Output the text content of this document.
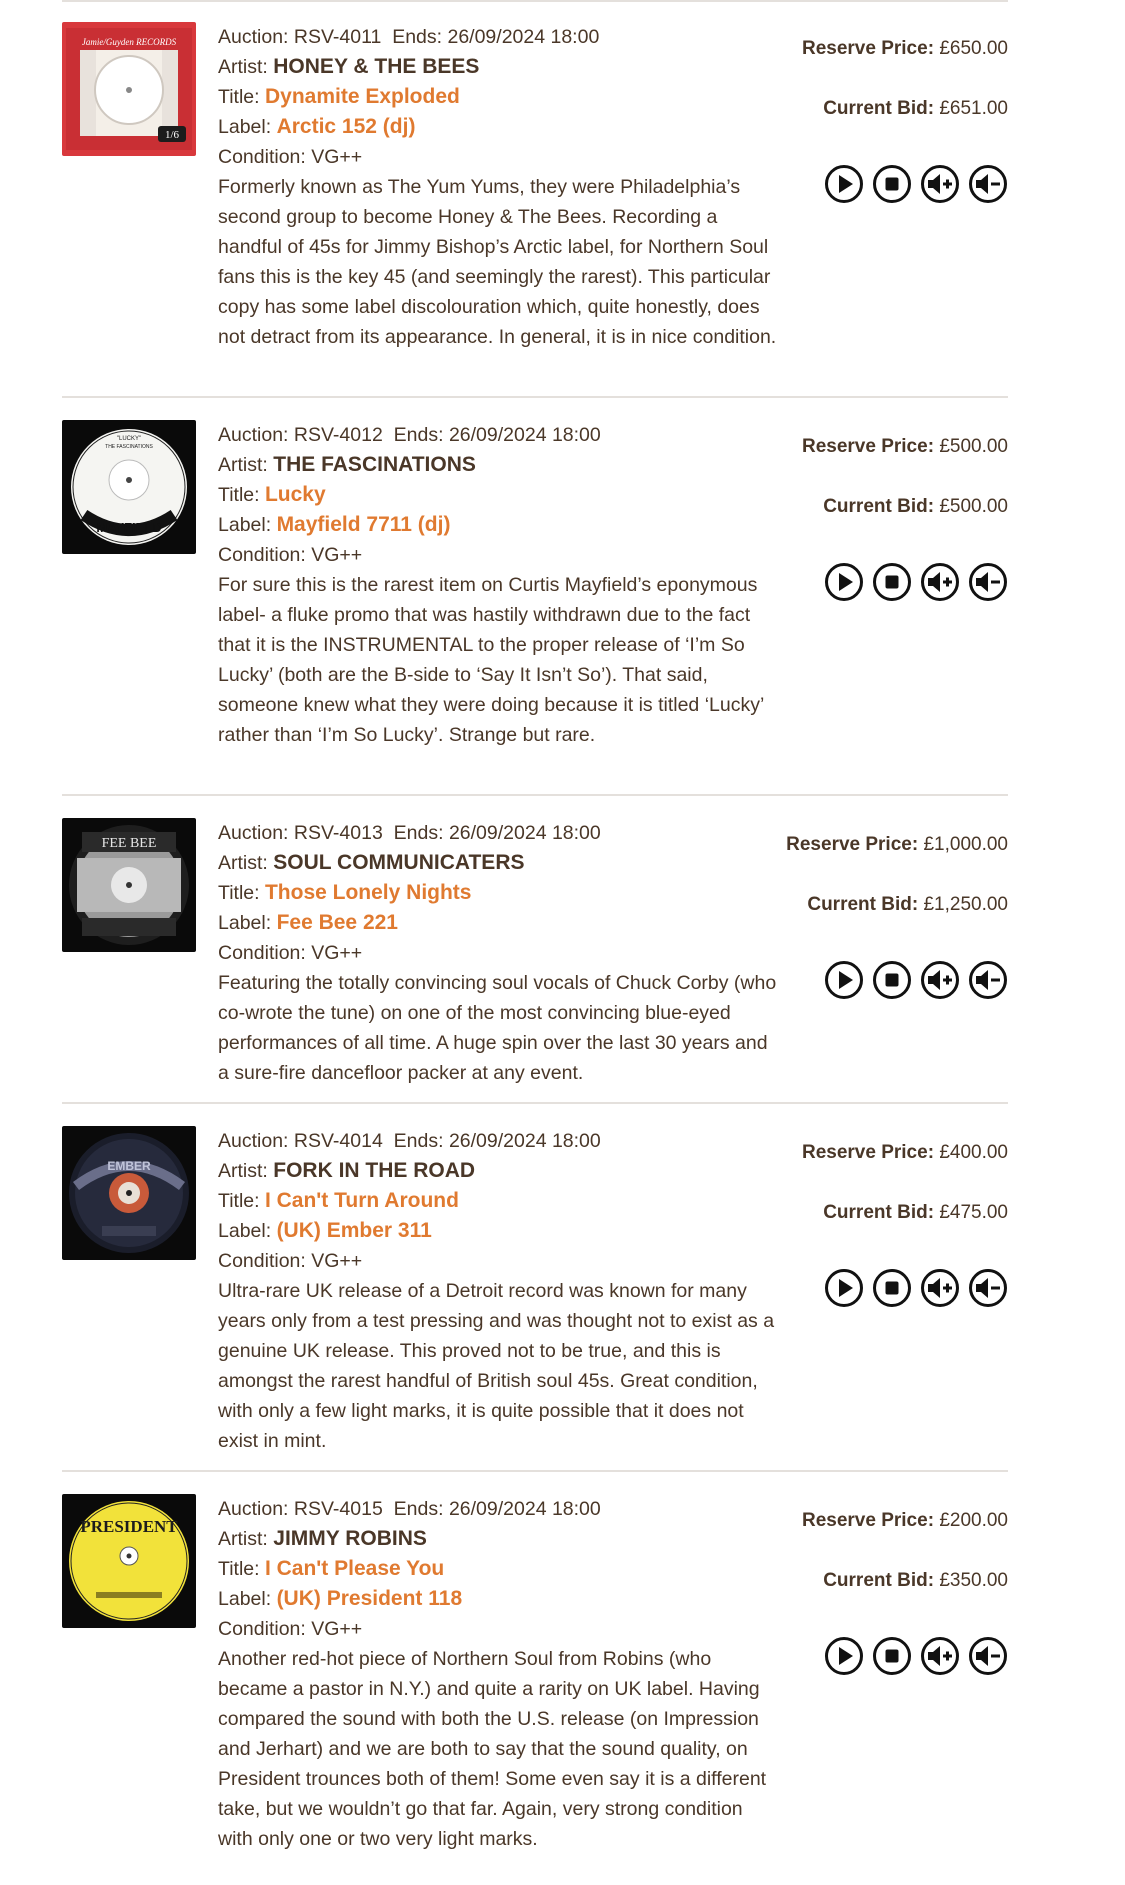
Jamie/Guyden RECORDS
1/6
Auction: RSV-4011 Ends: 26/09/2024 18:00
Artist: HONEY & THE BEES
Title: Dynamite Exploded
Label: Arctic 152 (dj)
Condition: VG++
Formerly known as The Yum Yums, they were Philadelphia’s second group to become Honey & The Bees. Recording a handful of 45s for Jimmy Bishop’s Arctic label, for Northern Soul fans this is the key 45 (and seemingly the rarest). This particular copy has some label discolouration which, quite honestly, does not detract from its appearance. In general, it is in nice condition.
Reserve Price: £650.00
Current Bid: £651.00
"LUCKY"
THE FASCINATIONS
MAYFIELD
Auction: RSV-4012 Ends: 26/09/2024 18:00
Artist: THE FASCINATIONS
Title: Lucky
Label: Mayfield 7711 (dj)
Condition: VG++
For sure this is the rarest item on Curtis Mayfield’s eponymous label- a fluke promo that was hastily withdrawn due to the fact that it is the INSTRUMENTAL to the proper release of ‘I’m So Lucky’ (both are the B-side to ‘Say It Isn’t So’). That said, someone knew what they were doing because it is titled ‘Lucky’ rather than ‘I’m So Lucky’. Strange but rare.
Reserve Price: £500.00
Current Bid: £500.00
FEE BEE	Auction: RSV-4013 Ends: 26/09/2024 18:00
Artist: SOUL COMMUNICATERS
Title: Those Lonely Nights
Label: Fee Bee 221
Condition: VG++
Featuring the totally convincing soul vocals of Chuck Corby (who co-wrote the tune) on one of the most convincing blue-eyed performances of all time. A huge spin over the last 30 years and a sure-fire dancefloor packer at any event.
Reserve Price: £1,000.00
Current Bid: £1,250.00
EMBER
Auction: RSV-4014 Ends: 26/09/2024 18:00
Artist: FORK IN THE ROAD
Title: I Can't Turn Around
Label: (UK) Ember 311
Condition: VG++
Ultra-rare UK release of a Detroit record was known for many years only from a test pressing and was thought not to exist as a genuine UK release. This proved not to be true, and this is amongst the rarest handful of British soul 45s. Great condition, with only a few light marks, it is quite possible that it does not exist in mint.
Reserve Price: £400.00
Current Bid: £475.00
PRESIDENT
Auction: RSV-4015 Ends: 26/09/2024 18:00
Artist: JIMMY ROBINS
Title: I Can't Please You
Label: (UK) President 118
Condition: VG++
Another red-hot piece of Northern Soul from Robins (who became a pastor in N.Y.) and quite a rarity on UK label. Having compared the sound with both the U.S. release (on Impression and Jerhart) and we are both to say that the sound quality, on President trounces both of them! Some even say it is a different take, but we wouldn’t go that far. Again, very strong condition with only one or two very light marks.
Reserve Price: £200.00
Current Bid: £350.00
